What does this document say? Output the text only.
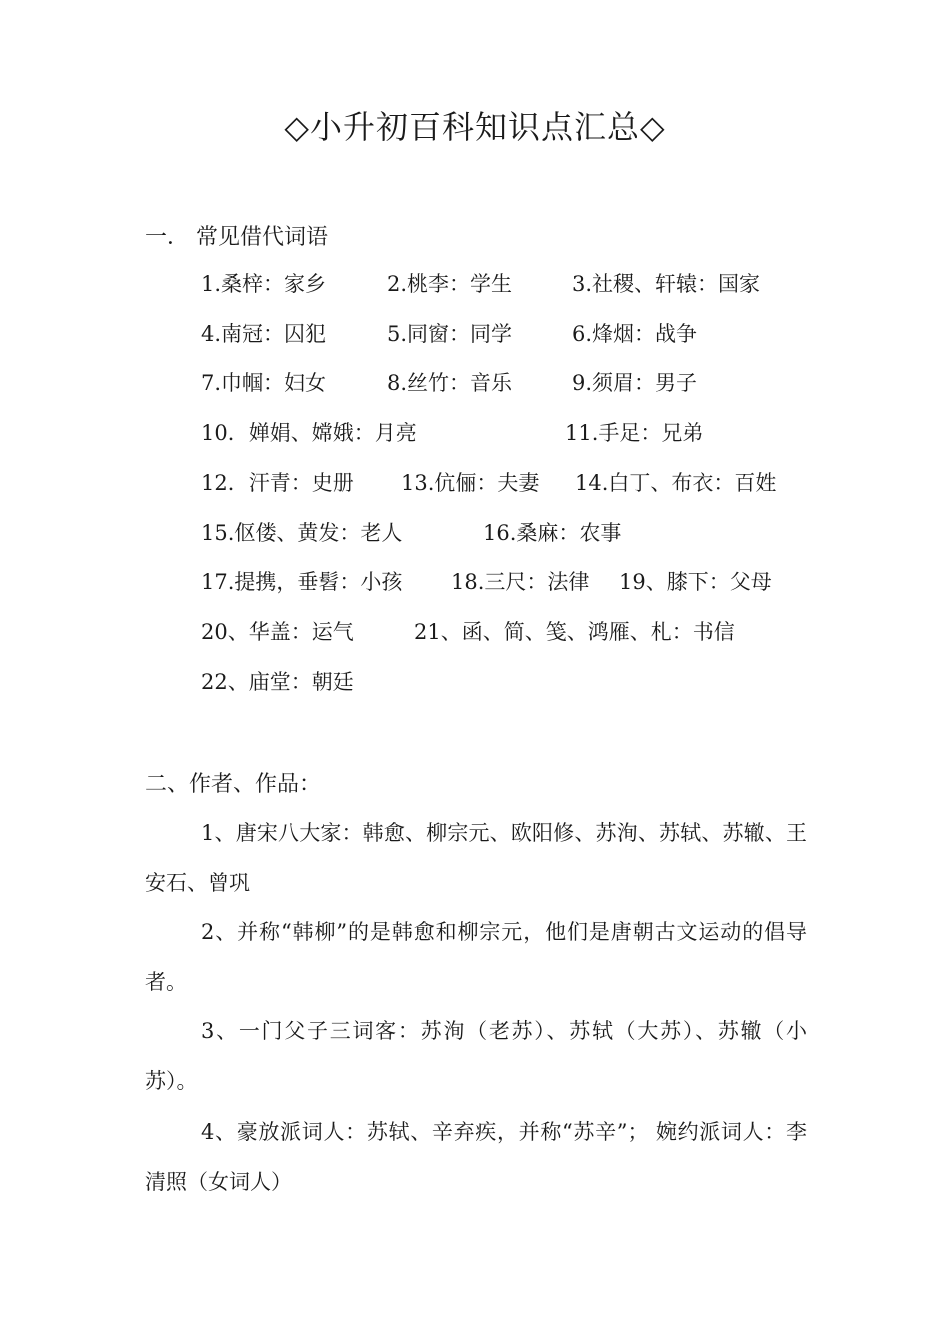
◇小升初百科知识点汇总◇
一． 常见借代词语
1.桑梓：家乡	2.桃李：学生	3.社稷、轩辕：国家
4.南冠：囚犯	5.同窗：同学	6.烽烟：战争
7.巾帼：妇女	8.丝竹：音乐	9.须眉：男子
10．婵娟、嫦娥：月亮	11.手足：兄弟
12．汗青：史册 13.伉俪：夫妻 14.白丁、布衣：百姓
15.伛偻、黄发：老人	16.桑麻：农事
17.提携，垂髫：小孩 18.三尺：法律 19、膝下：父母
20、华盖：运气	21、函、简、笺、鸿雁、札：书信
22、庙堂：朝廷
二、作者、作品：
1、唐宋八大家：韩愈、柳宗元、欧阳修、苏洵、苏轼、苏辙、王安石、曾巩
2、并称“韩柳”的是韩愈和柳宗元，他们是唐朝古文运动的倡导者。
3、一门父子三词客：苏洵（老苏）、苏轼（大苏）、苏辙（小苏）。
4、豪放派词人：苏轼、辛弃疾，并称“苏辛”； 婉约派词人：李清照（女词人）
